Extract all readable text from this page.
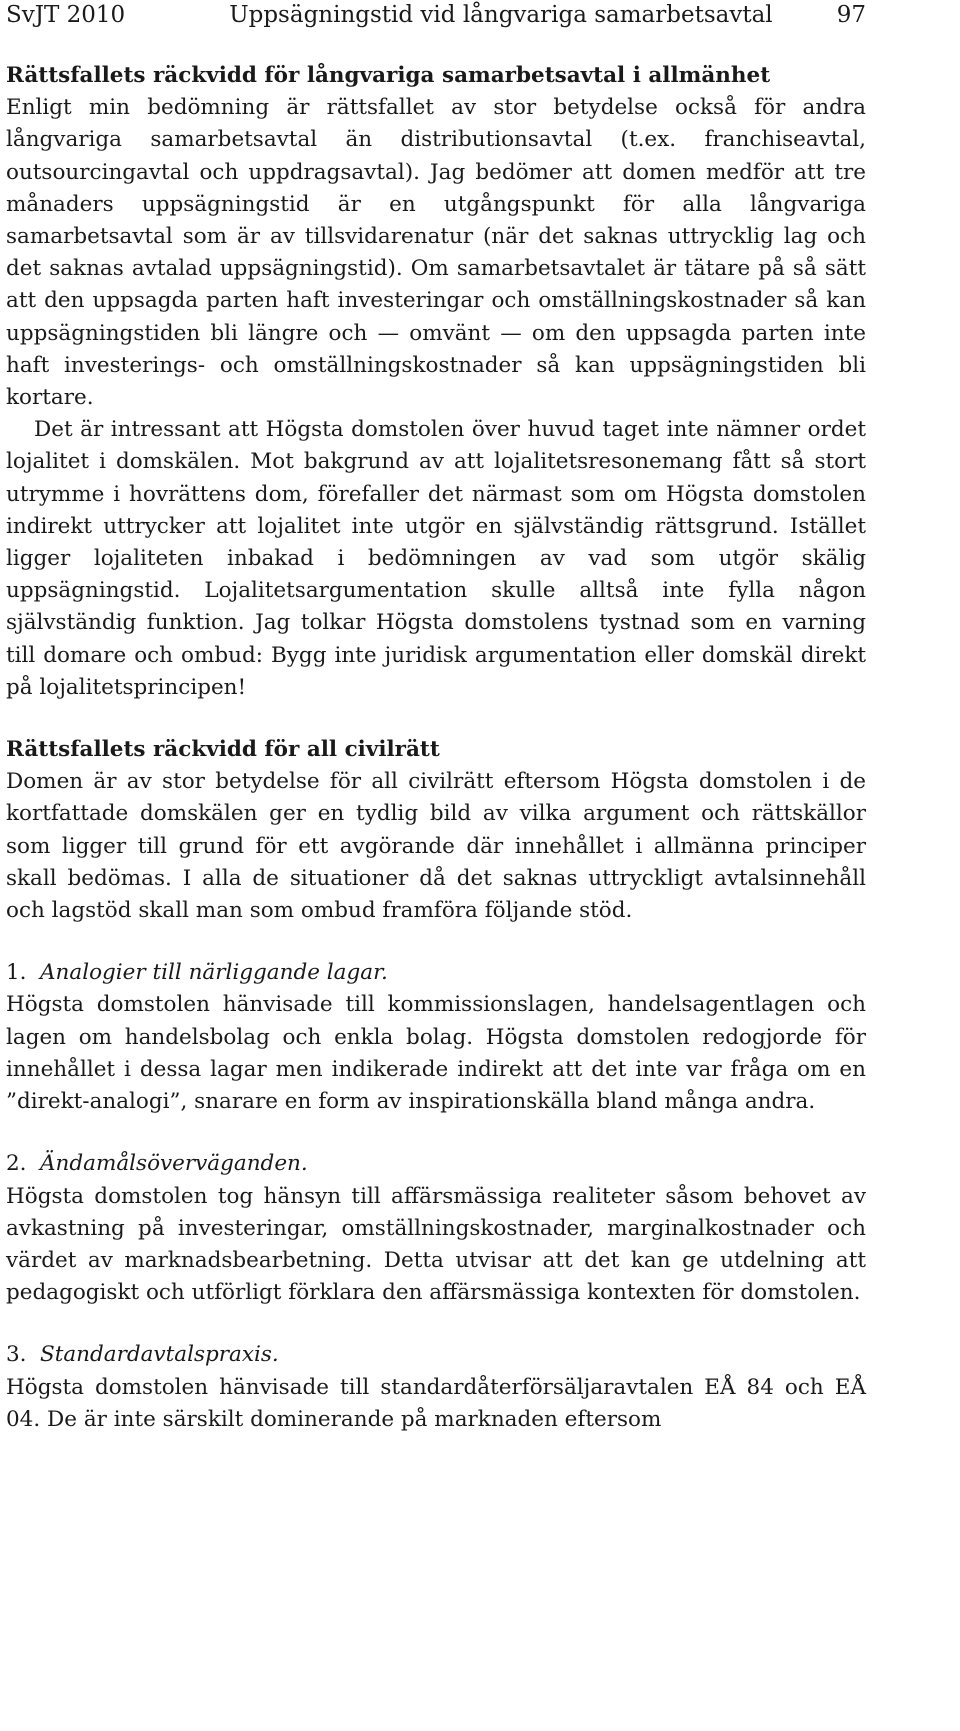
SvJT 2010	Uppsägningstid vid långvariga samarbetsavtal	97
Rättsfallets räckvidd för långvariga samarbetsavtal i allmänhet

Enligt min bedömning är rättsfallet av stor betydelse också för andra långvariga samarbetsavtal än distributionsavtal (t.ex. franchiseavtal, outsourcingavtal och uppdragsavtal). Jag bedömer att domen medför att tre månaders uppsägningstid är en utgångspunkt för alla långvariga samarbetsavtal som är av tillsvidarenatur (när det saknas uttrycklig lag och det saknas avtalad uppsägningstid). Om samarbetsavtalet är tätare på så sätt att den uppsagda parten haft investeringar och omställningskostnader så kan uppsägningstiden bli längre och — omvänt — om den uppsagda parten inte haft investerings- och omställningskostnader så kan uppsägningstiden bli kortare.

Det är intressant att Högsta domstolen över huvud taget inte nämner ordet lojalitet i domskälen. Mot bakgrund av att lojalitetsresonemang fått så stort utrymme i hovrättens dom, förefaller det närmast som om Högsta domstolen indirekt uttrycker att lojalitet inte utgör en självständig rättsgrund. Istället ligger lojaliteten inbakad i bedömningen av vad som utgör skälig uppsägningstid. Lojalitetsargumentation skulle alltså inte fylla någon självständig funktion. Jag tolkar Högsta domstolens tystnad som en varning till domare och ombud: Bygg inte juridisk argumentation eller domskäl direkt på lojalitetsprincipen!

Rättsfallets räckvidd för all civilrätt

Domen är av stor betydelse för all civilrätt eftersom Högsta domstolen i de kortfattade domskälen ger en tydlig bild av vilka argument och rättskällor som ligger till grund för ett avgörande där innehållet i allmänna principer skall bedömas. I alla de situationer då det saknas uttryckligt avtalsinnehåll och lagstöd skall man som ombud framföra följande stöd.

1. Analogier till närliggande lagar.

Högsta domstolen hänvisade till kommissionslagen, handelsagentlagen och lagen om handelsbolag och enkla bolag. Högsta domstolen redogjorde för innehållet i dessa lagar men indikerade indirekt att det inte var fråga om en ”direkt-analogi”, snarare en form av inspirationskälla bland många andra.

2. Ändamålsöverväganden.

Högsta domstolen tog hänsyn till affärsmässiga realiteter såsom behovet av avkastning på investeringar, omställningskostnader, marginalkostnader och värdet av marknadsbearbetning. Detta utvisar att det kan ge utdelning att pedagogiskt och utförligt förklara den affärsmässiga kontexten för domstolen.

3. Standardavtalspraxis.

Högsta domstolen hänvisade till standardåterförsäljaravtalen EÅ 84 och EÅ 04. De är inte särskilt dominerande på marknaden eftersom
